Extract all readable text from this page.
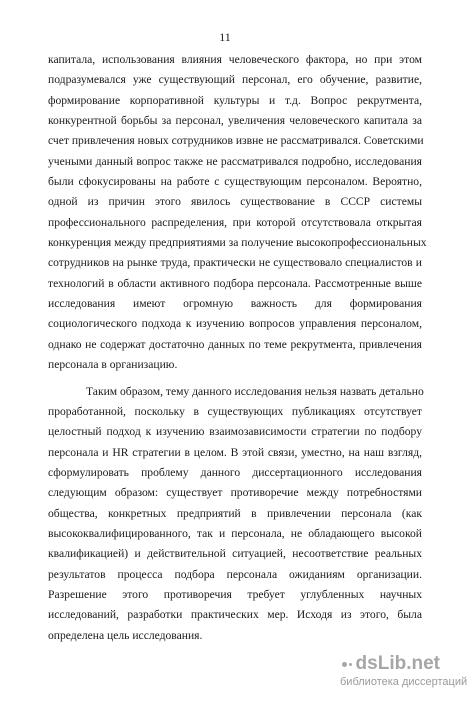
11
капитала, использования влияния человеческого фактора, но при этом
подразумевался уже существующий персонал, его обучение, развитие,
формирование корпоративной культуры и т.д. Вопрос рекрутмента,
конкурентной борьбы за персонал, увеличения человеческого капитала за
счет привлечения новых сотрудников извне не рассматривался. Советскими
учеными данный вопрос также не рассматривался подробно, исследования
были сфокусированы на работе с существующим персоналом. Вероятно,
одной из причин этого явилось существование в СССР системы
профессионального распределения, при которой отсутствовала открытая
конкуренция между предприятиями за получение высокопрофессиональных
сотрудников на рынке труда, практически не существовало специалистов и
технологий в области активного подбора персонала. Рассмотренные выше
исследования имеют огромную важность для формирования
социологического подхода к изучению вопросов управления персоналом,
однако не содержат достаточно данных по теме рекрутмента, привлечения
персонала в организацию.
Таким образом, тему данного исследования нельзя назвать детально
проработанной, поскольку в существующих публикациях отсутствует
целостный подход к изучению взаимозависимости стратегии по подбору
персонала и HR стратегии в целом. В этой связи, уместно, на наш взгляд,
сформулировать проблему данного диссертационного исследования
следующим образом: существует противоречие между потребностями
общества, конкретных предприятий в привлечении персонала (как
высококвалифицированного, так и персонала, не обладающего высокой
квалификацией) и действительной ситуацией, несоответствие реальных
результатов процесса подбора персонала ожиданиям организации.
Разрешение этого противоречия требует углубленных научных
исследований, разработки практических мер. Исходя из этого, была
определена цель исследования.
dsLib.net
библиотека диссертаций
